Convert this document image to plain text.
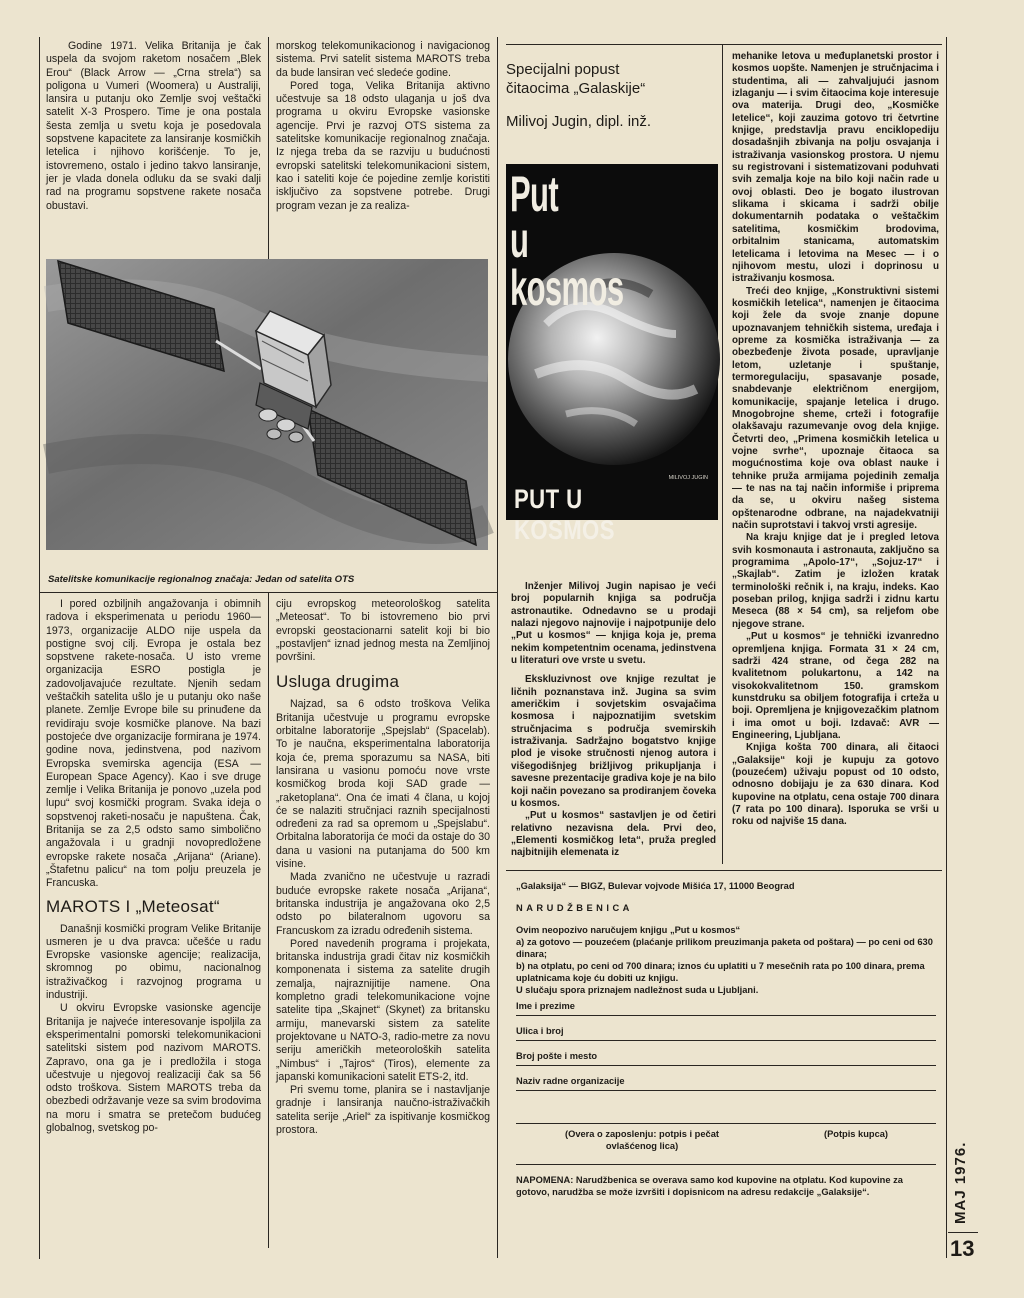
Godine 1971. Velika Britanija je čak uspela da svojom raketom nosačem „Blek Erou“ (Black Arrow — „Crna strela“) sa poligona u Vumeri (Woomera) u Australiji, lansira u putanju oko Zemlje svoj veštački satelit X-3 Prospero. Time je ona postala šesta zemlja u svetu koja je posedovala sopstvene kapacitete za lansiranje kosmičkih letelica i njihovo korišćenje. To je, istovremeno, ostalo i jedino takvo lansiranje, jer je vlada donela odluku da se svaki dalji rad na programu sopstvene rakete nosača obustavi.

morskog telekomunikacionog i navigacionog sistema. Prvi satelit sistema MAROTS treba da bude lansiran već sledeće godine.

Pored toga, Velika Britanija aktivno učestvuje sa 18 odsto ulaganja u još dva programa u okviru Evropske vasionske agencije. Prvi je razvoj OTS sistema za satelitske komunikacije regionalnog značaja. Iz njega treba da se razviju u budućnosti evropski satelitski telekomunikacioni sistem, kao i sateliti koje će pojedine zemlje koristiti isključivo za sopstvene potrebe. Drugi program vezan je za realiza-

Satelitske komunikacije regionalnog značaja: Jedan od satelita OTS

I pored ozbiljnih angažovanja i obimnih radova i eksperimenata u periodu 1960—1973, organizacije ALDO nije uspela da postigne svoj cilj. Evropa je ostala bez sopstvene raketе-nosača. U isto vreme organizacija ESRO postigla je zadovoljavajuće rezultate. Njenih sedam veštačkih satelita ušlo je u putanju oko naše planete. Zemlje Evrope bile su prinuđene da revidiraju svoje kosmičke planove. Na bazi postojeće dve organizacije formirana je 1974. godine nova, jedinstvena, pod nazivom Evropska svemirska agencija (ESA — European Space Agency). Kao i sve druge zemlje i Velika Britanija je ponovo „uzela pod lupu“ svoj kosmički program. Svaka ideja o sopstvenoj raketi-nosaču je napuštena. Čak, Britanija se za 2,5 odsto samo simbolično angažovala i u gradnji novopredložene evropske rakete nosača „Arijana“ (Ariane). „Štafetnu palicu“ na tom polju preuzela je Francuska.

MAROTS I „Meteosat“

Današnji kosmički program Velike Britanije usmeren je u dva pravca: učešće u radu Evropske vasionske agencije; realizacija, skromnog po obimu, nacionalnog istraživačkog i razvojnog programa u industriji.

U okviru Evropske vasionske agencije Britanija je najveće interesovanje ispoljila za eksperimentalni pomorski telekomunikacioni satelitski sistem pod nazivom MAROTS. Zapravo, ona ga je i predložila i stoga učestvuje u njegovoj realizaciji čak sa 56 odsto troškova. Sistem MAROTS treba da obezbedi održavanje veze sa svim brodovima na moru i smatra se pretečom budućeg globalnog, svetskog po-

ciju evropskog meteorološkog satelita „Meteosat“. To bi istovremeno bio prvi evropski geostacionarni satelit koji bi bio „postavljen“ iznad jednog mesta na Zemljinoj površini.

Usluga drugima

Najzad, sa 6 odsto troškova Velika Britanija učestvuje u programu evropske orbitalne laboratorije „Spejslab“ (Spacelab). To je naučna, eksperimentalna laboratorija koja će, prema sporazumu sa NASA, biti lansirana u vasionu pomoću nove vrste kosmičkog broda koji SAD grade — „raketoplana“. Ona će imati 4 člana, u kojoj će se nalaziti stručnjaci raznih specijalnosti određeni za rad sa opremom u „Spejslabu“. Orbitalna laboratorija će moći da ostaje do 30 dana u vasioni na putanjama do 500 km visine.

Mada zvanično ne učestvuje u razradi buduće evropske rakete nosača „Arijana“, britanska industrija je angažovana oko 2,5 odsto po bilateralnom ugovoru sa Francuskom za izradu određenih sistema.

Pored navedenih programa i projekata, britanska industrija gradi čitav niz kosmičkih komponenata i sistema za satelite drugih zemalja, najraznijitije namene. Ona kompletno gradi telekomunikacione vojne satelite tipa „Skajnet“ (Skynet) za britansku armiju, manevarski sistem za satelite projektovane u NATO-3, radio-metre za novu seriju američkih meteoroloških satelita „Nimbus“ i „Tajros“ (Tiros), elemente za japanski komunikacioni satelit ETS-2, itd.

Pri svemu tome, planira se i nastavljanje gradnje i lansiranja naučno-istraživačkih satelita serije „Ariel“ za ispitivanje kosmičkog prostora.

Specijalni popust
čitaocima „Galaskije“
Milivoj Jugin, dipl. inž.
Put
u kosmos
MILIVOJ JUGIN
PUT U KOSMOS

Inženjer Milivoj Jugin napisao je veći broj popularnih knjiga sa područja astronautike. Odnedavno se u prodaji nalazi njegovo najnovije i najpotpunije delo „Put u kosmos“ — knjiga koja je, prema nekim kompetentnim ocenama, jedinstvena u literaturi ove vrste u svetu.

Ekskluzivnost ove knjige rezultat je ličnih poznanstava inž. Jugina sa svim američkim i sovjetskim osvajačima kosmosa i najpoznatijim svetskim stručnjacima s područja svemirskih istraživanja. Sadržajno bogatstvo knjige plod je visoke stručnosti njenog autora i višegodišnjeg brižljivog prikupljanja i savesne prezentacije gradiva koje je na bilo koji način povezano sa prodiranjem čoveka u kosmos.

„Put u kosmos“ sastavljen je od četiri relativno nezavisna dela. Prvi deo, „Elementi kosmičkog leta“, pruža pregled najbitnijih elemenata iz

mehanike letova u međuplanetski prostor i kosmos uopšte. Namenjen je stručnjacima i studentima, ali — zahvaljujući jasnom izlaganju — i svim čitaocima koje interesuje ova materija. Drugi deo, „Kosmičke letelice“, koji zauzima gotovo tri četvrtine knjige, predstavlja pravu enciklopediju dosadašnjih zbivanja na polju osvajanja i istraživanja vasionskog prostora. U njemu su registrovani i sistematizovani poduhvati svih zemalja koje na bilo koji način rade u ovoj oblasti. Deo je bogato ilustrovan slikama i skicama i sadrži obilje dokumentarnih podataka o veštačkim satelitima, kosmičkim brodovima, orbitalnim stanicama, automatskim letelicama i letovima na Mesec — i o njihovom mestu, ulozi i doprinosu u istraživanju kosmosa.

Treći deo knjige, „Konstruktivni sistemi kosmičkih letelica“, namenjen je čitaocima koji žele da svoje znanje dopune upoznavanjem tehničkih sistema, uređaja i opreme za kosmička istraživanja — za obezbeđenje života posade, upravljanje letom, uzletanje i spuštanje, termoregulaciju, spasavanje posade, snabdevanje električnom energijom, komunikacije, spajanje letelica i drugo. Mnogobrojne sheme, crteži i fotografije olakšavaju razumevanje ovog dela knjige. Četvrti deo, „Primena kosmičkih letelica u vojne svrhe“, upoznaje čitaoca sa mogućnostima koje ova oblast nauke i tehnike pruža armijama pojedinih zemalja — te nas na taj način informiše i priprema da se, u okviru našeg sistema opštenarodne odbrane, na najadekvatniji način suprotstavi i takvoj vrsti agresije.

Na kraju knjige dat je i pregled letova svih kosmonauta i astronauta, zaključno sa programima „Apolo-17“, „Sojuz-17“ i „Skajlab“. Zatim je izložen kratak terminološki rečnik i, na kraju, indeks. Kao poseban prilog, knjiga sadrži i zidnu kartu Meseca (88 × 54 cm), sa reljefom obe njegove strane.

„Put u kosmos“ je tehnički izvanredno opremljena knjiga. Formata 31 × 24 cm, sadrži 424 strane, od čega 282 na kvalitetnom polukartonu, a 142 na visokokvalitetnom 150. gramskom kunstdruku sa obiljem fotografija i crteža u boji. Opremljena je knjigovezačkim platnom i ima omot u boji. Izdavač: AVR — Engineering, Ljubljana.

Knjiga košta 700 dinara, ali čitaoci „Galaksije“ koji je kupuju za gotovo (pouzećem) uživaju popust od 10 odsto, odnosno dobijaju je za 630 dinara. Kod kupovine na otplatu, cena ostaje 700 dinara (7 rata po 100 dinara). Isporuka se vrši u roku od najviše 15 dana.

„Galaksija“ — BIGZ, Bulevar vojvode Mišića 17, 11000 Beograd
NARUDŽBENICA
Ovim neopozivo naručujem knjigu „Put u kosmos“
a) za gotovo — pouzećem (plaćanje prilikom preuzimanja paketa od poštara) — po ceni od 630 dinara;
b) na otplatu, po ceni od 700 dinara; iznos ću uplatiti u 7 mesečnih rata po 100 dinara, prema uplatnicama koje ću dobiti uz knjigu.
U slučaju spora priznajem nadležnost suda u Ljubljani.
Ime i prezime
Ulica i broj
Broj pošte i mesto
Naziv radne organizacije
(Overa o zaposlenju: potpis i pečat ovlašćenog lica)
(Potpis kupca)
NAPOMENA: Narudžbenica se overava samo kod kupovine na otplatu. Kod kupovine za gotovo, narudžba se može izvršiti i dopisnicom na adresu redakcije „Galaksije“.	MAJ 1976.
13
